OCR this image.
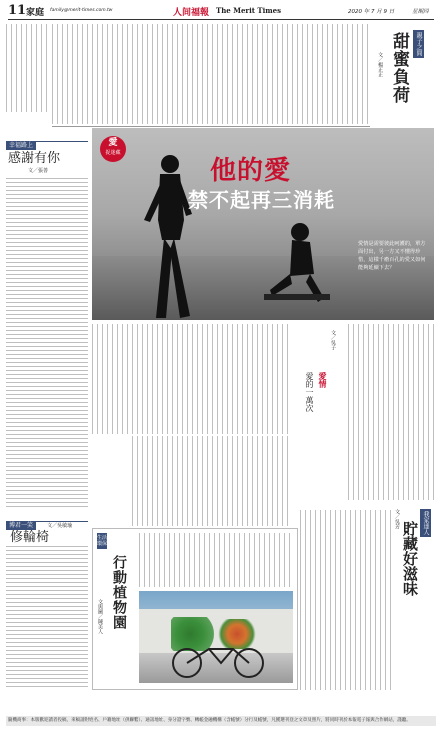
11 家庭 family@merit-times.com.tw	人间福報 The Merit Times	2020 年 7 月 9 日	星期四
親子之間
甜蜜負荷
文／楊正正
幸福路上
感謝有你
文／張善
愛
捉迷藏
他的愛
禁不起再三消耗
愛情是需要彼此呵護的，單方面付出，另一方又不懂得珍惜，這樣千瘡百孔的愛又如何能夠延續下去？
愛情
愛的一萬次
文／吳子
我家達人
貯藏好滋味
文／吳芳
生活
環保
行動植物園
文與圖／陳美人
博君一笑	文／吳敏瑜
修輪椅
隨機商事：本版歡迎讀者投稿，來稿請附姓名、戶籍地址（供聯繫）、通訊地址、身分證字號、轉帳金融機構（含帳號）分行及帳號，凡獲選刊登之文章及照片，將同時刊於本報電子報與合作網站，謹聽。
